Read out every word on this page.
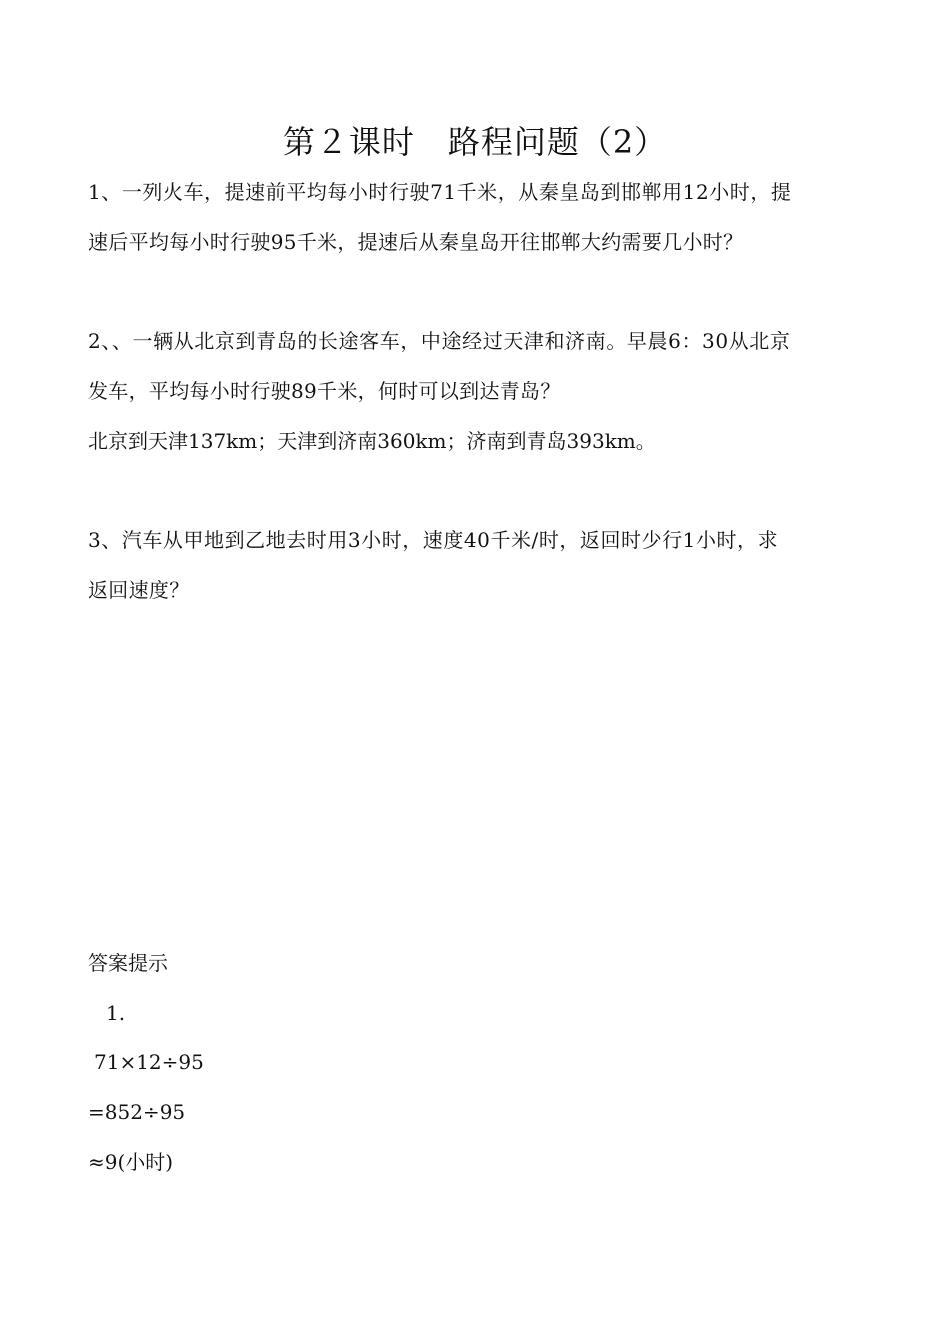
第２课时　路程问题（2）
1、一列火车，提速前平均每小时行驶71千米，从秦皇岛到邯郸用12小时，提
速后平均每小时行驶95千米，提速后从秦皇岛开往邯郸大约需要几小时？
2、、一辆从北京到青岛的长途客车，中途经过天津和济南。早晨6：30从北京
发车，平均每小时行驶89千米，何时可以到达青岛？
北京到天津137km；天津到济南360km；济南到青岛393km。
3、汽车从甲地到乙地去时用3小时，速度40千米/时，返回时少行1小时，求
返回速度？
答案提示
1.
71×12÷95
=852÷95
≈9(小时)
